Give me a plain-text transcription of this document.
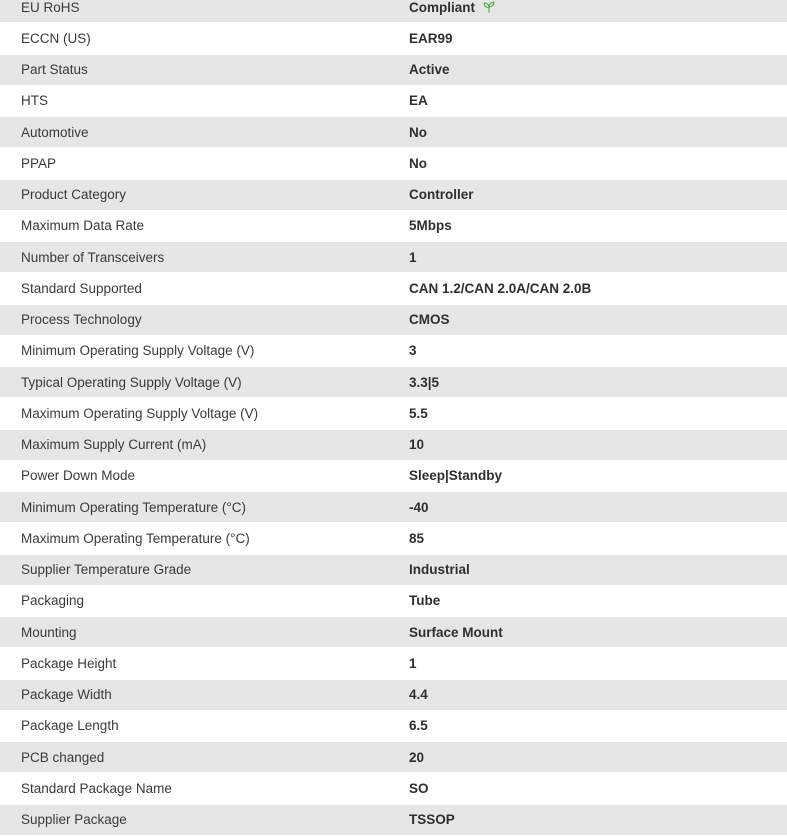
EU RoHS	Compliant
ECCN (US)	EAR99
Part Status	Active
HTS	EA
Automotive	No
PPAP	No
Product Category	Controller
Maximum Data Rate	5Mbps
Number of Transceivers	1
Standard Supported	CAN 1.2/CAN 2.0A/CAN 2.0B
Process Technology	CMOS
Minimum Operating Supply Voltage (V)	3
Typical Operating Supply Voltage (V)	3.3|5
Maximum Operating Supply Voltage (V)	5.5
Maximum Supply Current (mA)	10
Power Down Mode	Sleep|Standby
Minimum Operating Temperature (°C)	-40
Maximum Operating Temperature (°C)	85
Supplier Temperature Grade	Industrial
Packaging	Tube
Mounting	Surface Mount
Package Height	1
Package Width	4.4
Package Length	6.5
PCB changed	20
Standard Package Name	SO
Supplier Package	TSSOP
